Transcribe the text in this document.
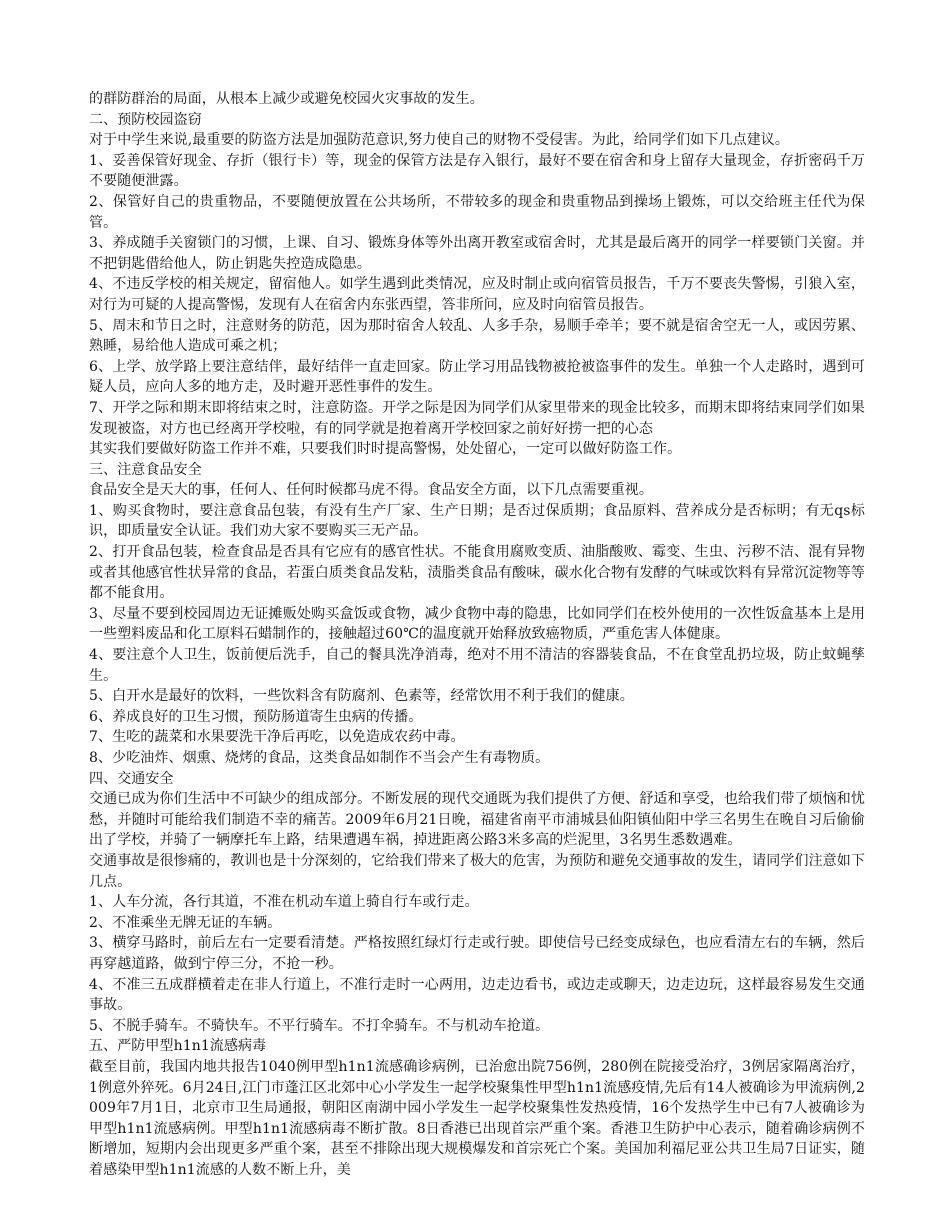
的群防群治的局面，从根本上减少或避免校园火灾事故的发生。

二、预防校园盗窃

对于中学生来说,最重要的防盗方法是加强防范意识,努力使自己的财物不受侵害。为此，给同学们如下几点建议。

1、妥善保管好现金、存折（银行卡）等，现金的保管方法是存入银行，最好不要在宿舍和身上留存大量现金，存折密码千万不要随便泄露。

2、保管好自己的贵重物品，不要随便放置在公共场所，不带较多的现金和贵重物品到操场上锻炼，可以交给班主任代为保管。

3、养成随手关窗锁门的习惯，上课、自习、锻炼身体等外出离开教室或宿舍时，尤其是最后离开的同学一样要锁门关窗。并不把钥匙借给他人，防止钥匙失控造成隐患。

4、不违反学校的相关规定，留宿他人。如学生遇到此类情况，应及时制止或向宿管员报告，千万不要丧失警惕，引狼入室，对行为可疑的人提高警惕，发现有人在宿舍内东张西望，答非所问，应及时向宿管员报告。

5、周末和节日之时，注意财务的防范，因为那时宿舍人较乱、人多手杂，易顺手牵羊；要不就是宿舍空无一人，或因劳累、熟睡，易给他人造成可乘之机；

6、上学、放学路上要注意结伴，最好结伴一直走回家。防止学习用品钱物被抢被盗事件的发生。单独一个人走路时，遇到可疑人员，应向人多的地方走，及时避开恶性事件的发生。

7、开学之际和期末即将结束之时，注意防盗。开学之际是因为同学们从家里带来的现金比较多，而期末即将结束同学们如果发现被盗，对方也已经离开学校啦，有的同学就是抱着离开学校回家之前好好捞一把的心态

其实我们要做好防盗工作并不难，只要我们时时提高警惕，处处留心，一定可以做好防盗工作。

三、注意食品安全

食品安全是天大的事，任何人、任何时候都马虎不得。食品安全方面，以下几点需要重视。

1、购买食物时，要注意食品包装，有没有生产厂家、生产日期；是否过保质期；食品原料、营养成分是否标明；有无qs标识，即质量安全认证。我们劝大家不要购买三无产品。

2、打开食品包装，检查食品是否具有它应有的感官性状。不能食用腐败变质、油脂酸败、霉变、生虫、污秽不洁、混有异物或者其他感官性状异常的食品，若蛋白质类食品发粘，渍脂类食品有酸味，碳水化合物有发酵的气味或饮料有异常沉淀物等等都不能食用。

3、尽量不要到校园周边无证摊贩处购买盒饭或食物，减少食物中毒的隐患，比如同学们在校外使用的一次性饭盒基本上是用一些塑料废品和化工原料石蜡制作的，接触超过60℃的温度就开始释放致癌物质，严重危害人体健康。

4、要注意个人卫生，饭前便后洗手，自己的餐具洗净消毒，绝对不用不清洁的容器装食品，不在食堂乱扔垃圾，防止蚊蝇孳生。

5、白开水是最好的饮料，一些饮料含有防腐剂、色素等，经常饮用不利于我们的健康。

6、养成良好的卫生习惯，预防肠道寄生虫病的传播。

7、生吃的蔬菜和水果要洗干净后再吃，以免造成农药中毒。

8、少吃油炸、烟熏、烧烤的食品，这类食品如制作不当会产生有毒物质。

四、交通安全

交通已成为你们生活中不可缺少的组成部分。不断发展的现代交通既为我们提供了方便、舒适和享受，也给我们带了烦恼和忧愁，并随时可能给我们制造不幸的痛苦。2009年6月21日晚，福建省南平市浦城县仙阳镇仙阳中学三名男生在晚自习后偷偷出了学校，并骑了一辆摩托车上路，结果遭遇车祸，掉进距离公路3米多高的烂泥里，3名男生悉数遇难。

交通事故是很惨痛的，教训也是十分深刻的，它给我们带来了极大的危害，为预防和避免交通事故的发生，请同学们注意如下几点。

1、人车分流，各行其道，不准在机动车道上骑自行车或行走。

2、不准乘坐无牌无证的车辆。

3、横穿马路时，前后左右一定要看清楚。严格按照红绿灯行走或行驶。即使信号已经变成绿色，也应看清左右的车辆，然后再穿越道路，做到宁停三分，不抢一秒。

4、不准三五成群横着走在非人行道上，不准行走时一心两用，边走边看书，或边走或聊天，边走边玩，这样最容易发生交通事故。

5、不脱手骑车。不骑快车。不平行骑车。不打伞骑车。不与机动车抢道。

五、严防甲型h1n1流感病毒

截至目前，我国内地共报告1040例甲型h1n1流感确诊病例，已治愈出院756例，280例在院接受治疗，3例居家隔离治疗，1例意外猝死。6月24日,江门市蓬江区北郊中心小学发生一起学校聚集性甲型h1n1流感疫情,先后有14人被确诊为甲流病例,2009年7月1日，北京市卫生局通报，朝阳区南湖中园小学发生一起学校聚集性发热疫情，16个发热学生中已有7人被确诊为甲型h1n1流感病例。甲型h1n1流感病毒不断扩散。8日香港已出现首宗严重个案。香港卫生防护中心表示，随着确诊病例不断增加，短期内会出现更多严重个案，甚至不排除出现大规模爆发和首宗死亡个案。美国加利福尼亚公共卫生局7日证实，随着感染甲型h1n1流感的人数不断上升，美
